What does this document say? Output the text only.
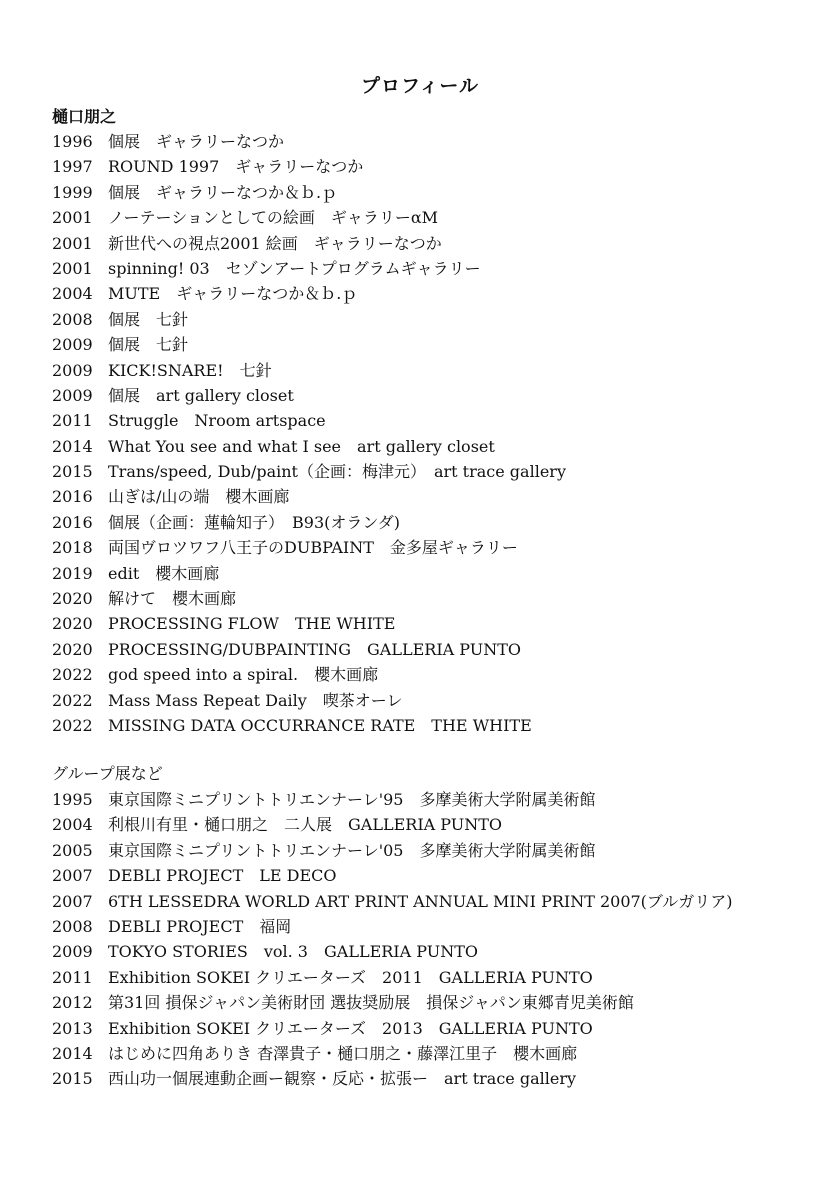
プロフィール
樋口朋之
1996 個展　ギャラリーなつか
1997 ROUND 1997　ギャラリーなつか
1999 個展　ギャラリーなつか＆ｂ.ｐ
2001 ノーテーションとしての絵画　ギャラリーαM
2001 新世代への視点2001 絵画　ギャラリーなつか
2001 spinning! 03　セゾンアートプログラムギャラリー
2004 MUTE　ギャラリーなつか＆ｂ.ｐ
2008 個展　七針
2009 個展　七針
2009 KICK!SNARE!　七針
2009 個展　art gallery closet
2011 Struggle　Nroom artspace
2014 What You see and what I see　art gallery closet
2015 Trans/speed, Dub/paint（企画：梅津元）　art trace gallery
2016 山ぎは/山の端　櫻木画廊
2016 個展（企画：蓮輪知子）　B93(オランダ)
2018 両国ヴロツワフ八王子のDUBPAINT　金多屋ギャラリー
2019 edit　櫻木画廊
2020 解けて　櫻木画廊
2020 PROCESSING FLOW　THE WHITE
2020 PROCESSING/DUBPAINTING　GALLERIA PUNTO
2022 god speed into a spiral.　櫻木画廊
2022 Mass Mass Repeat Daily　喫茶オーレ
2022 MISSING DATA OCCURRANCE RATE　THE WHITE
グループ展など
1995 東京国際ミニプリントトリエンナーレ'95　多摩美術大学附属美術館
2004 利根川有里・樋口朋之　二人展　GALLERIA PUNTO
2005 東京国際ミニプリントトリエンナーレ'05　多摩美術大学附属美術館
2007 DEBLI PROJECT　LE DECO
2007 6TH LESSEDRA WORLD ART PRINT ANNUAL MINI PRINT 2007(ブルガリア)
2008 DEBLI PROJECT　福岡
2009 TOKYO STORIES　vol. 3　GALLERIA PUNTO
2011 Exhibition SOKEI クリエーターズ　2011　GALLERIA PUNTO
2012 第31回 損保ジャパン美術財団 選抜奨励展　損保ジャパン東郷青児美術館
2013 Exhibition SOKEI クリエーターズ　2013　GALLERIA PUNTO
2014 はじめに四角ありき 杳澤貴子・樋口朋之・藤澤江里子　櫻木画廊
2015 西山功一個展連動企画ー観察・反応・拡張ー　art trace gallery
